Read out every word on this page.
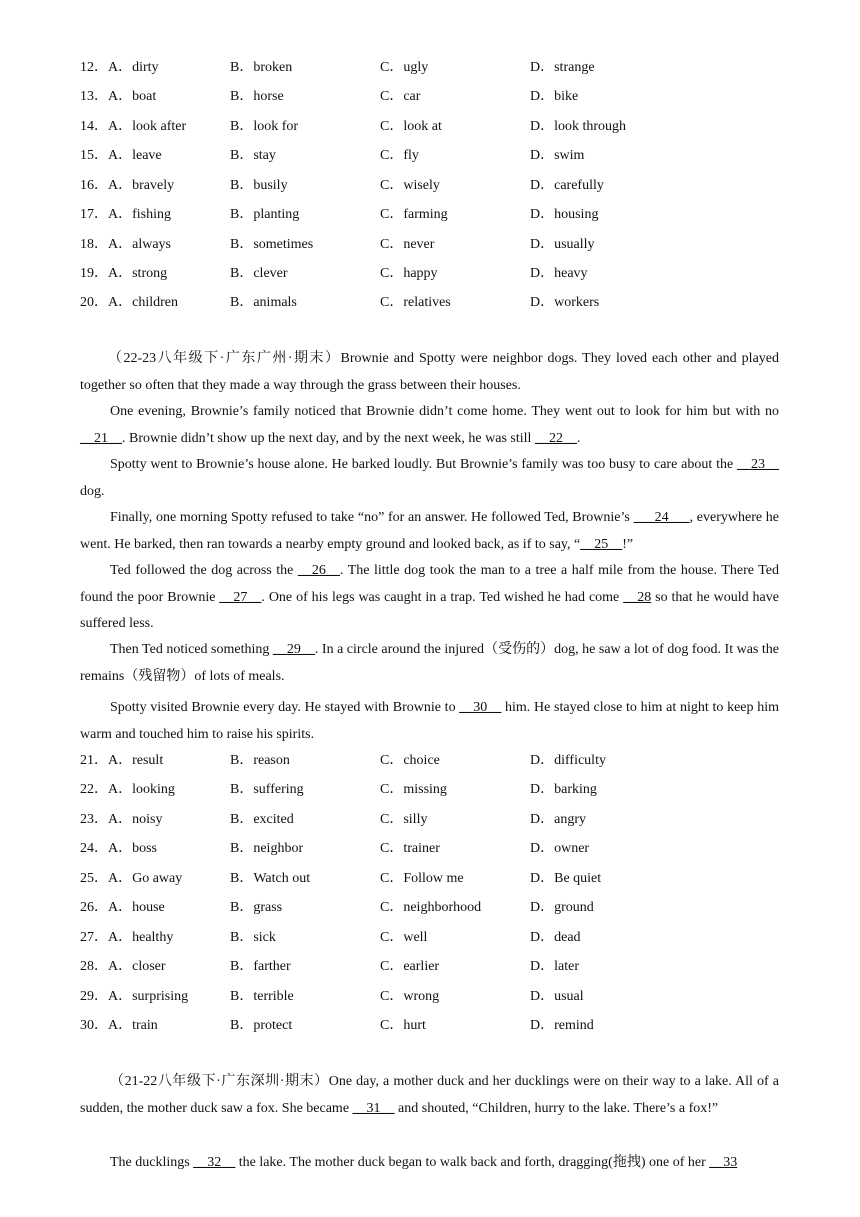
12． A．dirty	B．broken	C．ugly	D．strange
13． A．boat	B．horse	C．car	D．bike
14． A．look after	B．look for	C．look at	D．look through
15． A．leave	B．stay	C．fly	D．swim
16． A．bravely	B．busily	C．wisely	D．carefully
17． A．fishing	B．planting	C．farming	D．housing
18． A．always	B．sometimes	C．never	D．usually
19． A．strong	B．clever	C．happy	D．heavy
20． A．children	B．animals	C．relatives	D．workers

（22-23八年级下·广东广州·期末）Brownie and Spotty were neighbor dogs. They loved each other and played together so often that they made a way through the grass between their houses.

One evening, Brownie’s family noticed that Brownie didn’t come home. They went out to look for him but with no __21__. Brownie didn’t show up the next day, and by the next week, he was still __22__.

Spotty went to Brownie’s house alone. He barked loudly. But Brownie’s family was too busy to care about the __23__ dog.

Finally, one morning Spotty refused to take “no” for an answer. He followed Ted, Brownie’s ___24___, everywhere he went. He barked, then ran towards a nearby empty ground and looked back, as if to say, “__25__!”

Ted followed the dog across the __26__. The little dog took the man to a tree a half mile from the house. There Ted found the poor Brownie __27__. One of his legs was caught in a trap. Ted wished he had come __28 so that he would have suffered less.

Then Ted noticed something __29__. In a circle around the injured（受伤的）dog, he saw a lot of dog food. It was the remains（残留物）of lots of meals.

Spotty visited Brownie every day. He stayed with Brownie to __30__ him. He stayed close to him at night to keep him warm and touched him to raise his spirits.

21． A．result	B．reason	C．choice	D．difficulty
22． A．looking	B．suffering	C．missing	D．barking
23． A．noisy	B．excited	C．silly	D．angry
24． A．boss	B．neighbor	C．trainer	D．owner
25． A．Go away	B．Watch out	C．Follow me	D．Be quiet
26． A．house	B．grass	C．neighborhood	D．ground
27． A．healthy	B．sick	C．well	D．dead
28． A．closer	B．farther	C．earlier	D．later
29． A．surprising	B．terrible	C．wrong	D．usual
30． A．train	B．protect	C．hurt	D．remind

（21-22八年级下·广东深圳·期末）One day, a mother duck and her ducklings were on their way to a lake. All of a sudden, the mother duck saw a fox. She became __31__ and shouted, “Children, hurry to the lake. There’s a fox!”

The ducklings __32__ the lake. The mother duck began to walk back and forth, dragging(拖拽) one of her __33
